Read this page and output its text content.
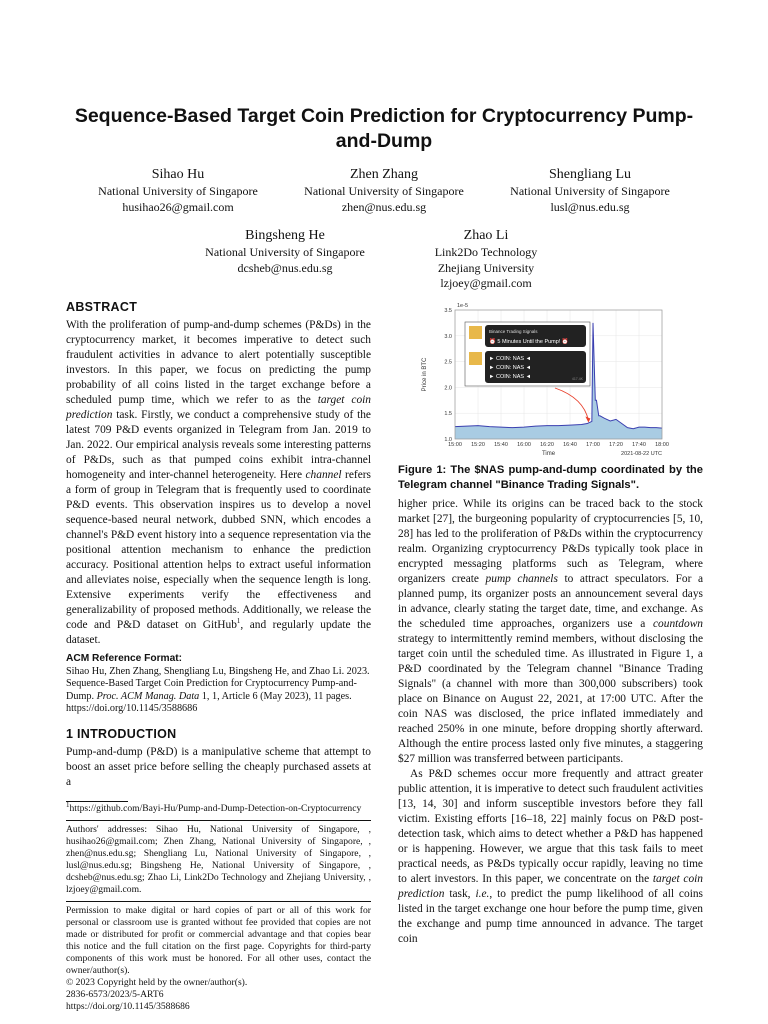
Sequence-Based Target Coin Prediction for Cryptocurrency Pump-and-Dump
Sihao Hu
National University of Singapore
husihao26@gmail.com
Zhen Zhang
National University of Singapore
zhen@nus.edu.sg
Shengliang Lu
National University of Singapore
lusl@nus.edu.sg
Bingsheng He
National University of Singapore
dcsheb@nus.edu.sg
Zhao Li
Link2Do Technology
Zhejiang University
lzjoey@gmail.com
ABSTRACT

With the proliferation of pump-and-dump schemes (P&Ds) in the cryptocurrency market, it becomes imperative to detect such fraudulent activities in advance to alert potentially susceptible investors. In this paper, we focus on predicting the pump probability of all coins listed in the target exchange before a scheduled pump time, which we refer to as the target coin prediction task. Firstly, we conduct a comprehensive study of the latest 709 P&D events organized in Telegram from Jan. 2019 to Jan. 2022. Our empirical analysis reveals some interesting patterns of P&Ds, such as that pumped coins exhibit intra-channel homogeneity and inter-channel heterogeneity. Here channel refers a form of group in Telegram that is frequently used to coordinate P&D events. This observation inspires us to develop a novel sequence-based neural network, dubbed SNN, which encodes a channel's P&D event history into a sequence representation via the positional attention mechanism to enhance the prediction accuracy. Positional attention helps to extract useful information and alleviates noise, especially when the sequence length is long. Extensive experiments verify the effectiveness and generalizability of proposed methods. Additionally, we release the code and P&D dataset on GitHub$^1$, and regularly update the dataset.

ACM Reference Format:

Sihao Hu, Zhen Zhang, Shengliang Lu, Bingsheng He, and Zhao Li. 2023. Sequence-Based Target Coin Prediction for Cryptocurrency Pump-and-Dump. Proc. ACM Manag. Data 1, 1, Article 6 (May 2023), 11 pages. https://doi.org/10.1145/3588686

1 INTRODUCTION

Pump-and-dump (P&D) is a manipulative scheme that attempt to boost an asset price before selling the cheaply purchased assets at a

$^1$https://github.com/Bayi-Hu/Pump-and-Dump-Detection-on-Cryptocurrency
Authors' addresses: Sihao Hu, National University of Singapore, , husihao26@gmail.com; Zhen Zhang, National University of Singapore, , zhen@nus.edu.sg; Shengliang Lu, National University of Singapore, , lusl@nus.edu.sg; Bingsheng He, National University of Singapore, , dcsheb@nus.edu.sg; Zhao Li, Link2Do Technology and Zhejiang University, , lzjoey@gmail.com.

Permission to make digital or hard copies of part or all of this work for personal or classroom use is granted without fee provided that copies are not made or distributed for profit or commercial advantage and that copies bear this notice and the full citation on the first page. Copyrights for third-party components of this work must be honored. For all other uses, contact the owner/author(s).

© 2023 Copyright held by the owner/author(s).

2836-6573/2023/5-ART6

https://doi.org/10.1145/3588686

15:00 15:20 15:40 16:00 16:20 16:40 17:00 17:20 17:40 18:00
1.0
1.5
2.0
2.5
3.0
3.5
1e-5
Time	2021-08-22 UTC
Price in BTC
Binance Trading Signals
⏰ 5 Minutes Until the Pump! ⏰
► COIN: NAS ◄
► COIN: NAS ◄
► COIN: NAS ◄	417.4K
Figure 1: The $NAS pump-and-dump coordinated by the Telegram channel "Binance Trading Signals".

higher price. While its origins can be traced back to the stock market [27], the burgeoning popularity of cryptocurrencies [5, 10, 28] has led to the proliferation of P&Ds within the cryptocurrency realm. Organizing cryptocurrency P&Ds typically took place in encrypted messaging platforms such as Telegram, where organizers create pump channels to attract speculators. For a planned pump, its organizer posts an announcement several days in advance, clearly stating the target date, time, and exchange. As the scheduled time approaches, organizers use a countdown strategy to intermittently remind members, without disclosing the target coin until the scheduled time. As illustrated in Figure 1, a P&D coordinated by the Telegram channel "Binance Trading Signals" (a channel with more than 300,000 subscribers) took place on Binance on August 22, 2021, at 17:00 UTC. After the coin NAS was disclosed, the price inflated immediately and reached 250% in one minute, before dropping shortly afterward. Although the entire process lasted only five minutes, a staggering $27 million was transferred between participants.

As P&D schemes occur more frequently and attract greater public attention, it is imperative to detect such fraudulent activities [13, 14, 30] and inform susceptible investors before they fall victim. Existing efforts [16–18, 22] mainly focus on P&D post-detection task, which aims to detect whether a P&D has happened or is happening. However, we argue that this task fails to meet practical needs, as P&Ds typically occur rapidly, leaving no time to alert investors. In this paper, we concentrate on the target coin prediction task, i.e., to predict the pump likelihood of all coins listed in the target exchange one hour before the pump time, given the exchange and pump time announced in advance. The target coin
